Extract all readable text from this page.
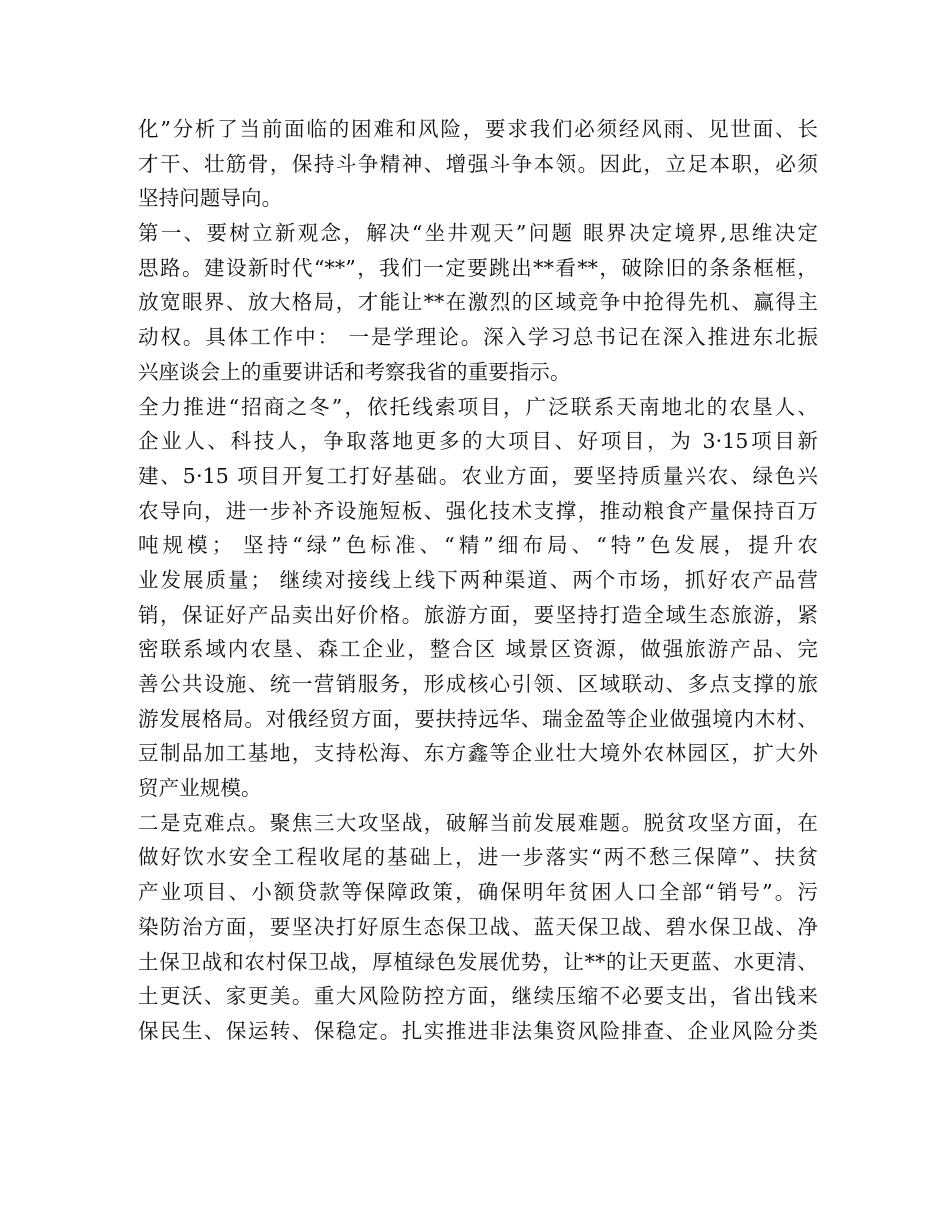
化”分析了当前面临的困难和风险，要求我们必须经风雨、见世面、长
才干、壮筋骨，保持斗争精神、增强斗争本领。因此，立足本职，必须
坚持问题导向。
第一、要树立新观念，解决“坐井观天”问题 眼界决定境界,思维决定
思路。建设新时代“**”，我们一定要跳出**看**，破除旧的条条框框，
放宽眼界、放大格局，才能让**在激烈的区域竞争中抢得先机、赢得主
动权。具体工作中： 一是学理论。深入学习总书记在深入推进东北振
兴座谈会上的重要讲话和考察我省的重要指示。
全力推进“招商之冬”，依托线索项目，广泛联系天南地北的农垦人、
企业人、科技人，争取落地更多的大项目、好项目，为 3·15项目新
建、5·15 项目开复工打好基础。农业方面，要坚持质量兴农、绿色兴
农导向，进一步补齐设施短板、强化技术支撑，推动粮食产量保持百万
吨规模； 坚持“绿”色标准、“精”细布局、“特”色发展，提升农
业发展质量； 继续对接线上线下两种渠道、两个市场，抓好农产品营
销，保证好产品卖出好价格。旅游方面，要坚持打造全域生态旅游，紧
密联系域内农垦、森工企业，整合区 域景区资源，做强旅游产品、完
善公共设施、统一营销服务，形成核心引领、区域联动、多点支撑的旅
游发展格局。对俄经贸方面，要扶持远华、瑞金盈等企业做强境内木材、
豆制品加工基地，支持松海、东方鑫等企业壮大境外农林园区，扩大外
贸产业规模。
二是克难点。聚焦三大攻坚战，破解当前发展难题。脱贫攻坚方面，在
做好饮水安全工程收尾的基础上，进一步落实“两不愁三保障”、扶贫
产业项目、小额贷款等保障政策，确保明年贫困人口全部“销号”。污
染防治方面，要坚决打好原生态保卫战、蓝天保卫战、碧水保卫战、净
土保卫战和农村保卫战，厚植绿色发展优势，让**的让天更蓝、水更清、
土更沃、家更美。重大风险防控方面，继续压缩不必要支出，省出钱来
保民生、保运转、保稳定。扎实推进非法集资风险排查、企业风险分类
